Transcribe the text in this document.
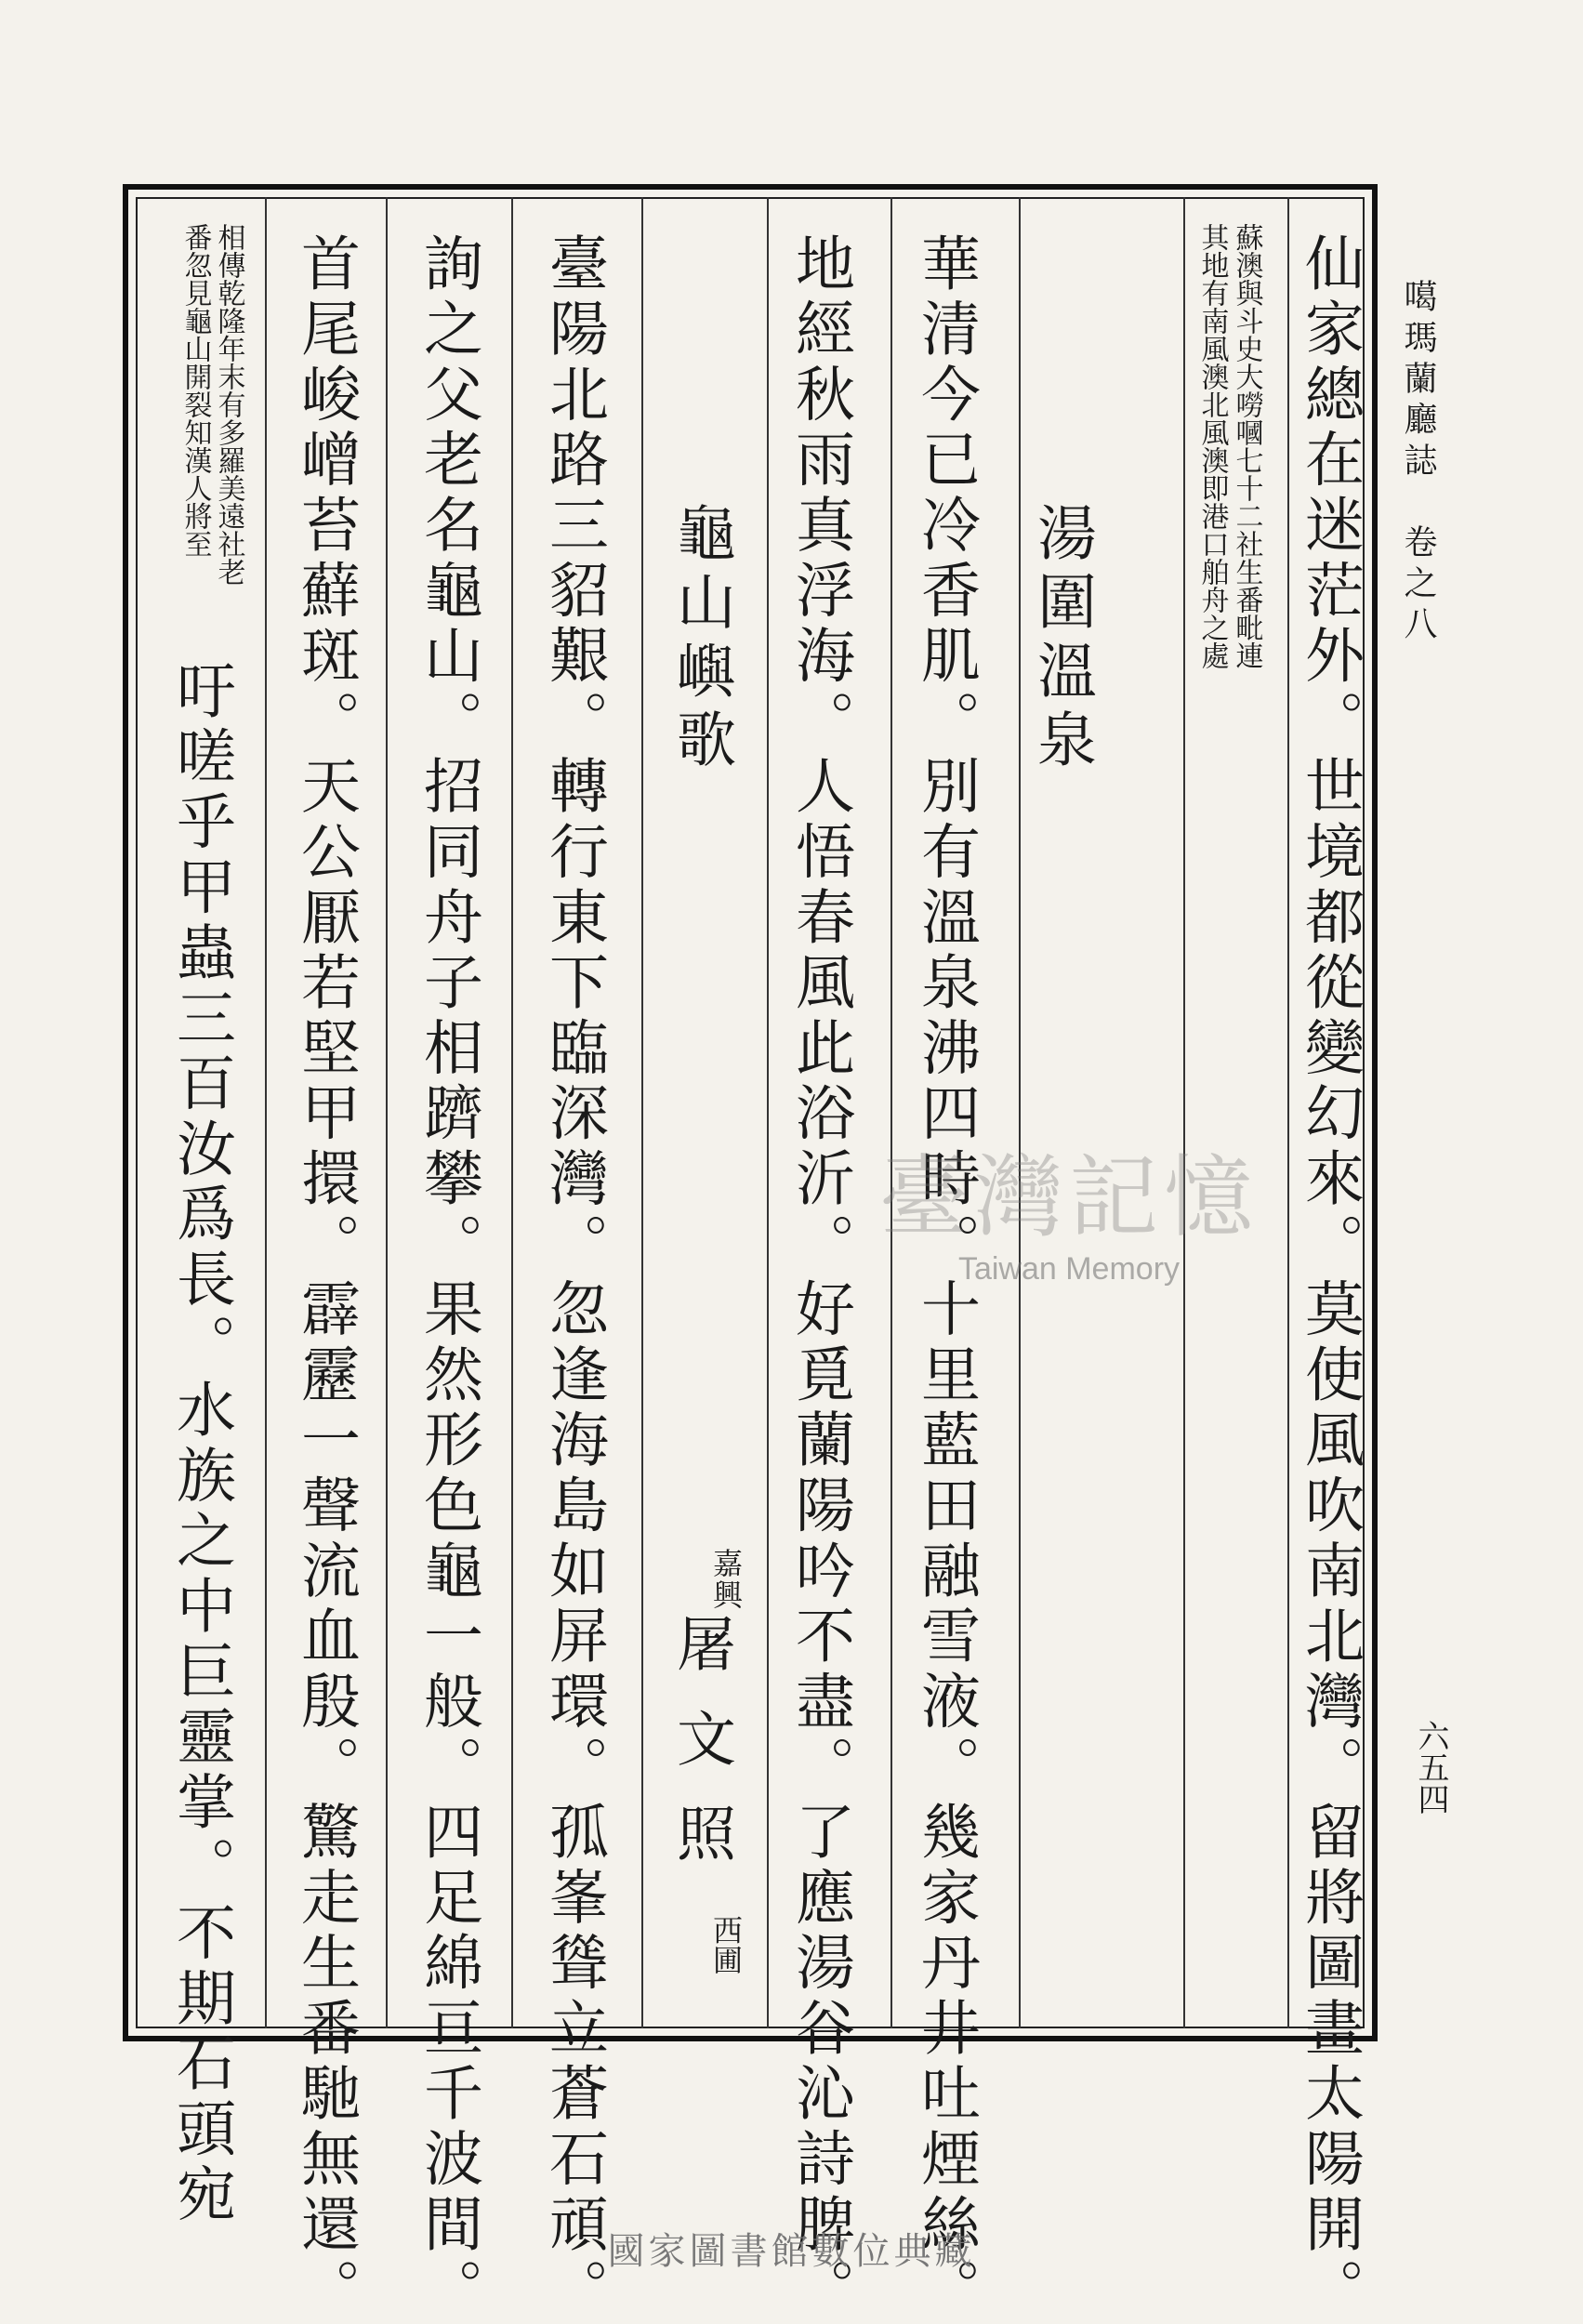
噶瑪蘭廳誌　卷之八
六五四
仙家總在迷茫外。世境都從變幻來。莫使風吹南北灣。留將圖畫太陽開。
蘇澳與斗史大嘮嘓七十二社生番毗連
其地有南風澳北風澳即港口舶舟之處
湯圍溫泉
華清今已冷香肌。別有溫泉沸四時。十里藍田融雪液。幾家丹井吐煙絲。
地經秋雨真浮海。人悟春風此浴沂。好覓蘭陽吟不盡。了應湯谷沁詩脾。
龜山嶼歌
嘉興
屠文照
西圃
臺陽北路三貂艱。轉行東下臨深灣。忽逢海島如屏環。孤峯聳立蒼石頑。
詢之父老名龜山。招同舟子相躋攀。果然形色龜一般。四足綿亘千波間。
首尾峻嶒苔蘚斑。天公厭若堅甲擐。霹靂一聲流血殷。驚走生番馳無還。
相傳乾隆年末有多羅美遠社老
番忽見龜山開裂知漢人將至
吁嗟乎甲蟲三百汝爲長。水族之中巨靈掌。不期石頭宛	臺灣記憶
Taiwan Memory
國家圖書館數位典藏
